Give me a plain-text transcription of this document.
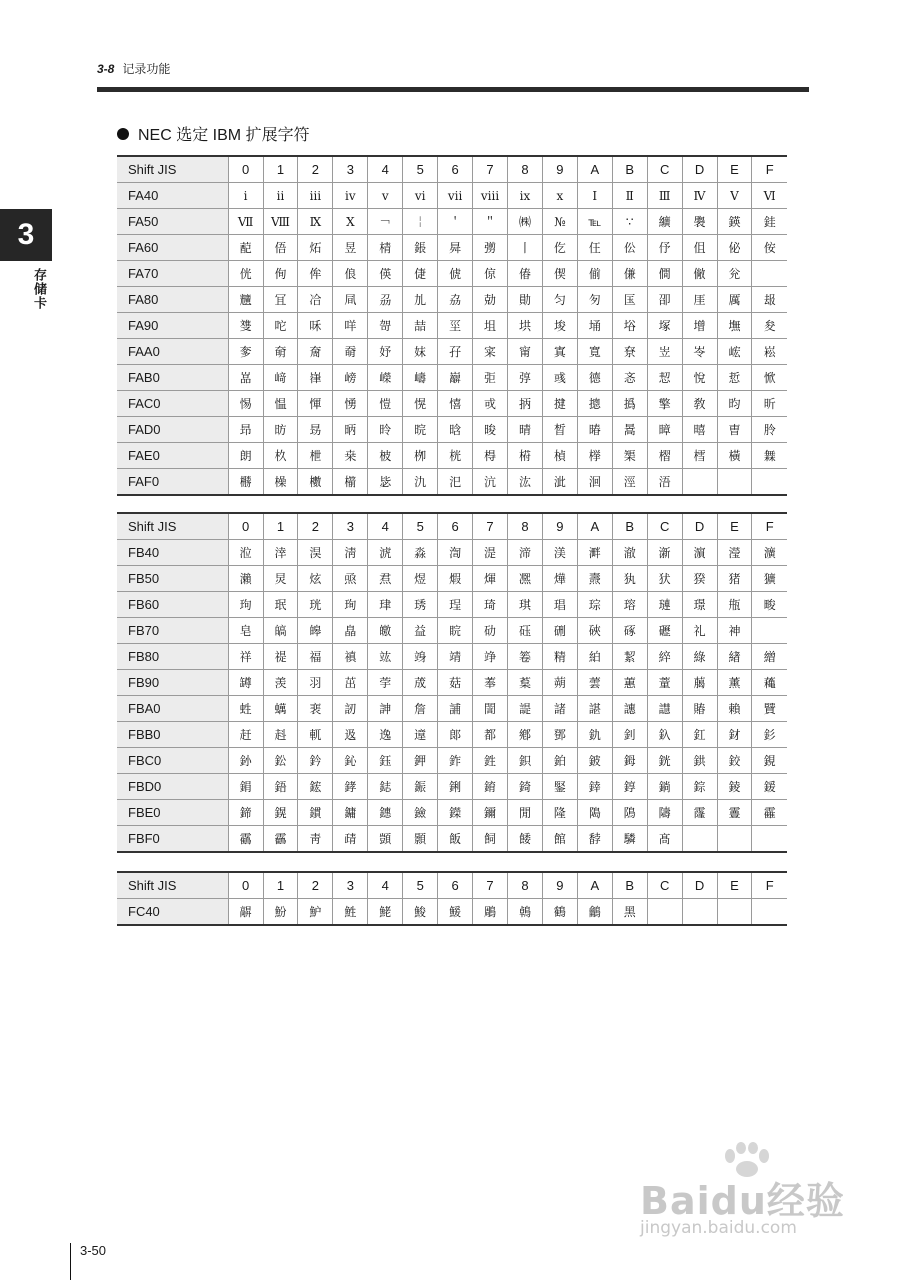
3-8 记录功能
3
存储卡
NEC 选定 IBM 扩展字符
Shift JIS	0	1	2	3	4	5	6	7	8	9	A	B	C	D	E	F
FA40	ⅰ	ⅱ	ⅲ	ⅳ	ⅴ	ⅵ	ⅶ	ⅷ	ⅸ	ⅹ	Ⅰ	Ⅱ	Ⅲ	Ⅳ	Ⅴ	Ⅵ
FA50	Ⅶ	Ⅷ	Ⅸ	Ⅹ	￢	￤	＇	＂	㈱	№	℡	∵	纊	褜	鍈	銈
FA60	蓜	俉	炻	昱	棈	鋹	曻	彅	丨	仡	仼	伀	伃	伹	佖	侒
FA70	侊	侚	侔	俍	偀	倢	俿	倞	偆	偰	偂	傔	僴	僘	兊	
FA80	兤	冝	冾	凬	刕	劜	劦	勀	勛	匀	匇	匤	卲	厓	厲	叝
FA90	﨎	咜	咊	咩	哿	喆	坙	坥	垬	埈	埇	﨏	塚	增	墲	夋
FAA0	奓	奛	奝	奣	妤	妺	孖	寀	甯	寘	寬	尞	岦	岺	峵	崧
FAB0	嵓	﨑	嵂	嵭	嶸	嶹	巐	弡	弴	彧	德	忞	恝	悅	悊	惞
FAC0	惕	愠	惲	愑	愷	愰	憘	戓	抦	揵	摠	撝	擎	敎	昀	昕
FAD0	昻	昉	昮	昞	昤	晥	晗	晙	晴	晳	暙	暠	暲	暿	曺	朎
FAE0	朗	杦	枻	桒	柀	栁	桄	棏	﨓	楨	﨔	榘	槢	樰	橫	橆
FAF0	橳	橾	櫢	櫤	毖	氿	汜	沆	汯	泚	洄	涇	浯			
Shift JIS	0	1	2	3	4	5	6	7	8	9	A	B	C	D	E	F
FB40	涖	涬	淏	淸	淲	淼	渹	湜	渧	渼	溿	澈	澵	濵	瀅	瀇
FB50	瀨	炅	炫	焏	焄	煜	煆	煇	凞	燁	燾	犱	犾	猤	猪	獷
FB60	玽	珉	珖	珣	珒	琇	珵	琦	琪	琩	琮	瑢	璉	璟	甁	畯
FB70	皂	皜	皞	皛	皦	益	睆	劯	砡	硎	硤	硺	礰	礼	神	
FB80	祥	禔	福	禛	竑	竧	靖	竫	箞	精	絈	絜	綷	綠	緖	繒
FB90	罇	羡	羽	茁	荢	荿	菇	菶	葈	蒴	蕓	蕙	蕫	﨟	薰	蘒
FBA0	﨡	蠇	裵	訒	訷	詹	誧	誾	諟	諸	諶	譓	譿	賰	賴	贒
FBB0	赶	﨣	軏	﨤	逸	遧	郞	都	鄕	鄧	釚	釗	釞	釭	釮	釤
FBC0	釥	鈆	鈐	鈊	鈺	鉀	鈼	鉎	鉙	鉑	鈹	鉧	銧	鉷	鉸	鋧
FBD0	鋗	鋙	鋐	﨧	鋕	鋠	鋓	錥	錡	鋻	﨨	錞	鋿	錝	錂	鍰
FBE0	鍗	鎤	鏆	鏞	鏸	鐱	鑅	鑈	閒	隆	﨩	隝	隯	霳	霻	靃
FBF0	靍	靏	靑	靕	顗	顥	飯	飼	餧	館	馞	驎	髙			
Shift JIS	0	1	2	3	4	5	6	7	8	9	A	B	C	D	E	F
FC40	髜	魵	魲	鮏	鮱	鮻	鰀	鵰	鵫	鶴	鸙	黑				
3-50
Baidu经验
jingyan.baidu.com
